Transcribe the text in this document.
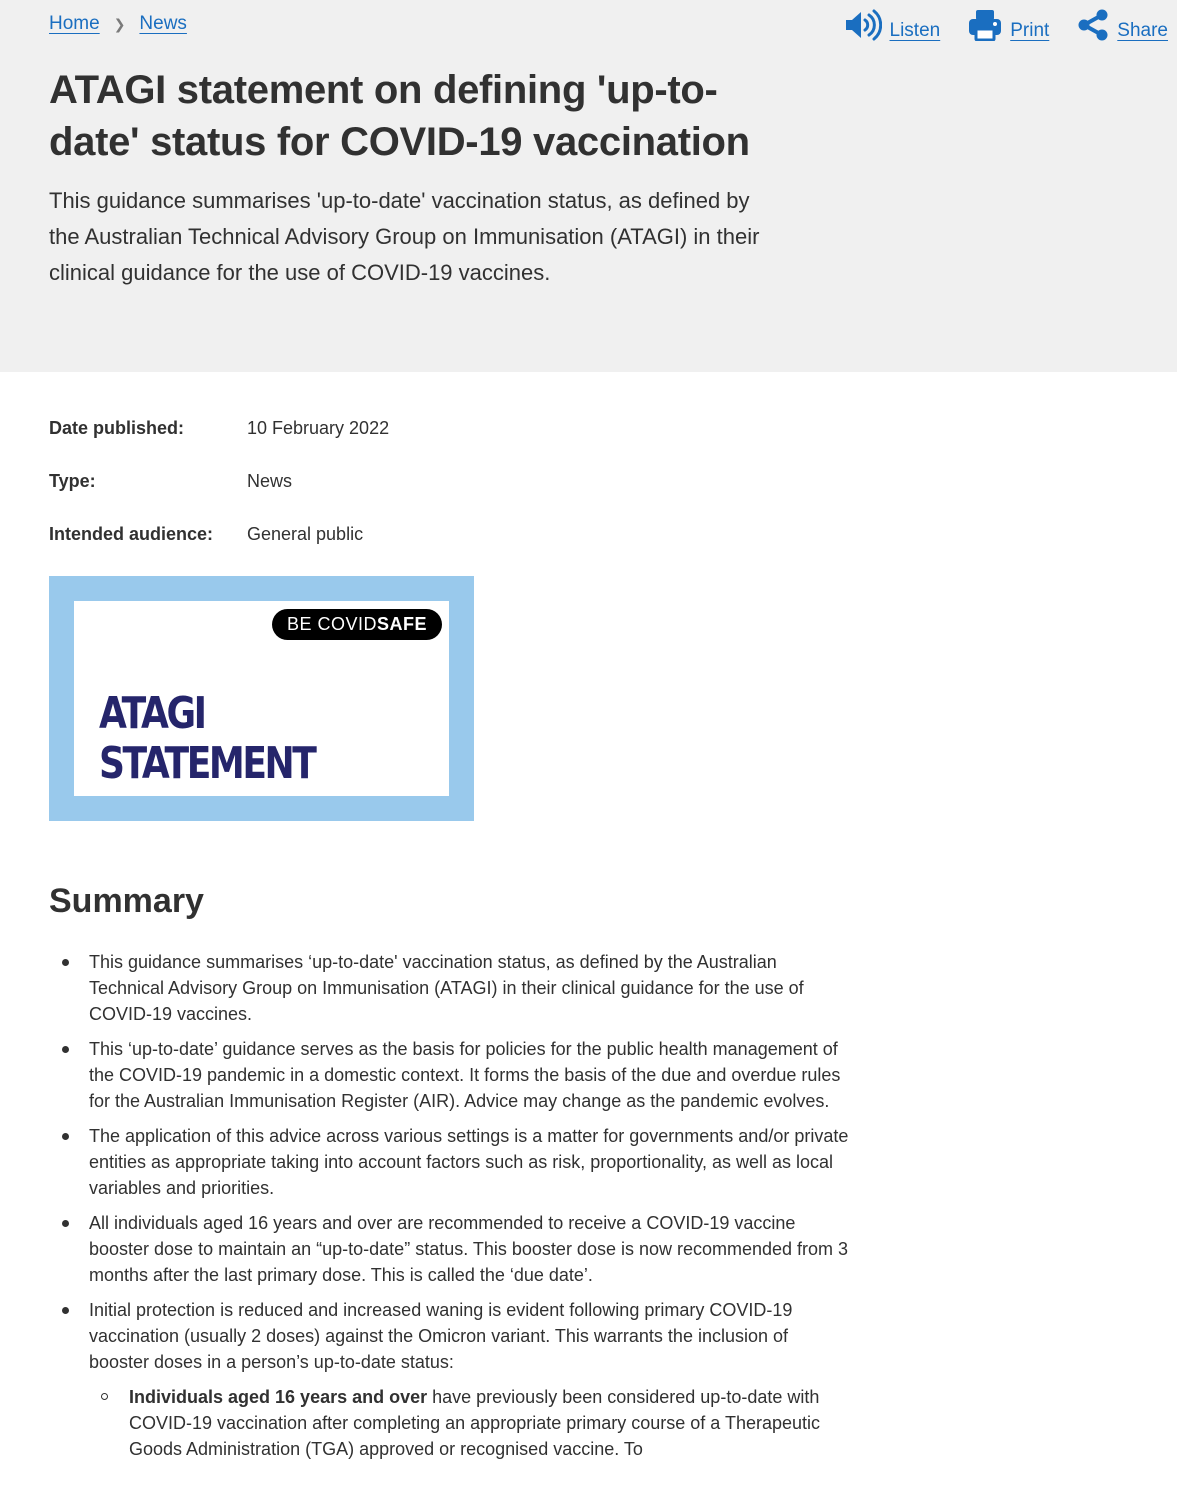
Home ❯ News	Listen	Print	Share
ATAGI statement on defining 'up-to-date' status for COVID-19 vaccination

This guidance summarises 'up-to-date' vaccination status, as defined by the Australian Technical Advisory Group on Immunisation (ATAGI) in their clinical guidance for the use of COVID-19 vaccines.

Date published:	10 February 2022
Type:	News
Intended audience:	General public
BE COVIDSAFE
ATAGI
STATEMENT
Summary
This guidance summarises ‘up-to-date' vaccination status, as defined by the Australian Technical Advisory Group on Immunisation (ATAGI) in their clinical guidance for the use of COVID-19 vaccines.
This ‘up-to-date’ guidance serves as the basis for policies for the public health management of the COVID-19 pandemic in a domestic context. It forms the basis of the due and overdue rules for the Australian Immunisation Register (AIR). Advice may change as the pandemic evolves.
The application of this advice across various settings is a matter for governments and/or private entities as appropriate taking into account factors such as risk, proportionality, as well as local variables and priorities.
All individuals aged 16 years and over are recommended to receive a COVID-19 vaccine booster dose to maintain an “up-to-date” status. This booster dose is now recommended from 3 months after the last primary dose. This is called the ‘due date’.
Initial protection is reduced and increased waning is evident following primary COVID-19 vaccination (usually 2 doses) against the Omicron variant. This warrants the inclusion of booster doses in a person’s up-to-date status:
Individuals aged 16 years and over have previously been considered up-to-date with COVID-19 vaccination after completing an appropriate primary course of a Therapeutic Goods Administration (TGA) approved or recognised vaccine. To
